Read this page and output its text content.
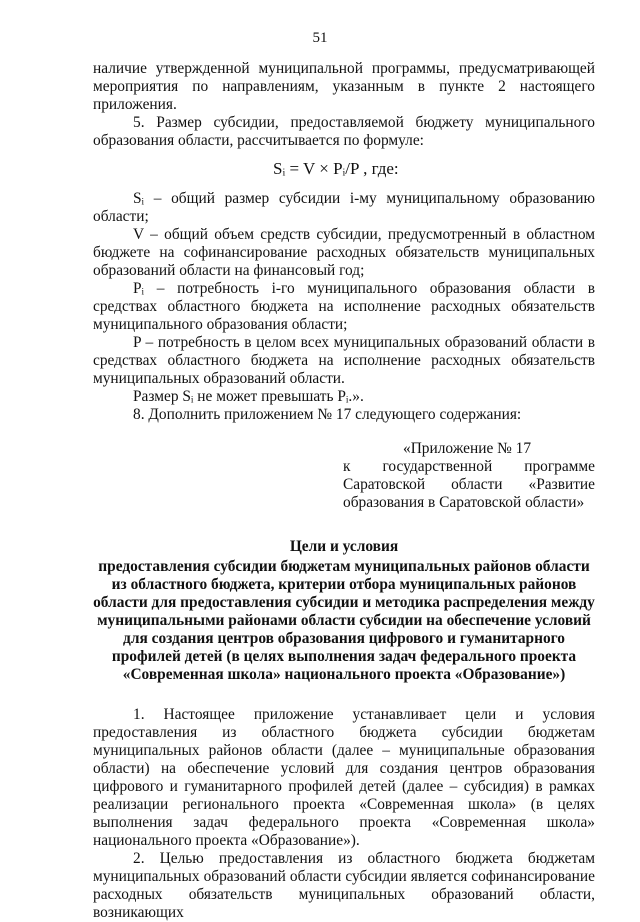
51

наличие утвержденной муниципальной программы, предусматривающей мероприятия по направлениям, указанным в пункте 2 настоящего приложения.

5. Размер субсидии, предоставляемой бюджету муниципального образования области, рассчитывается по формуле:

Sᵢ = V × Pᵢ/P , где:

Sᵢ – общий размер субсидии i-му муниципальному образованию области;

V – общий объем средств субсидии, предусмотренный в областном бюджете на софинансирование расходных обязательств муниципальных образований области на финансовый год;

Pᵢ – потребность i-го муниципального образования области в средствах областного бюджета на исполнение расходных обязательств муниципального образования области;

P – потребность в целом всех муниципальных образований области в средствах областного бюджета на исполнение расходных обязательств муниципальных образований области.

Размер Sᵢ не может превышать Pᵢ.».

8. Дополнить приложением № 17 следующего содержания:

«Приложение № 17
к государственной программе Саратовской области «Развитие образования в Саратовской области»
Цели и условия
предоставления субсидии бюджетам муниципальных районов области из областного бюджета, критерии отбора муниципальных районов области для предоставления субсидии и методика распределения между муниципальными районами области субсидии на обеспечение условий для создания центров образования цифрового и гуманитарного профилей детей (в целях выполнения задач федерального проекта «Современная школа» национального проекта «Образование»)

1. Настоящее приложение устанавливает цели и условия предоставления из областного бюджета субсидии бюджетам муниципальных районов области (далее – муниципальные образования области) на обеспечение условий для создания центров образования цифрового и гуманитарного профилей детей (далее – субсидия) в рамках реализации регионального проекта «Современная школа» (в целях выполнения задач федерального проекта «Современная школа» национального проекта «Образование»).

2. Целью предоставления из областного бюджета бюджетам муниципальных образований области субсидии является софинансирование расходных обязательств муниципальных образований области, возникающих
